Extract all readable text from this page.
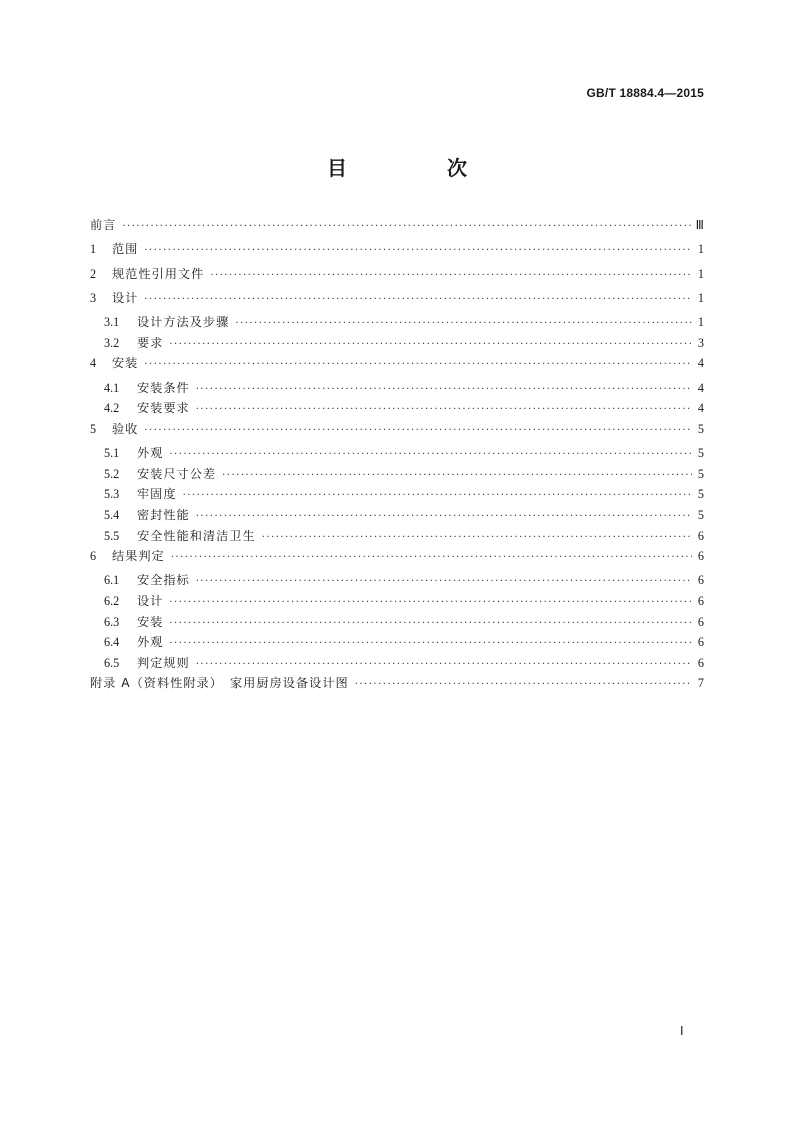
GB/T 18884.4—2015
目　次
前言 ·····	Ⅲ
1	范围 ·····	1
2	规范性引用文件 ·····	1
3	设计 ·····	1
3.1	设计方法及步骤 ·····	1
3.2	要求 ·····	3
4	安装 ·····	4
4.1	安装条件 ·····	4
4.2	安装要求 ·····	4
5	验收 ·····	5
5.1	外观 ·····	5
5.2	安装尺寸公差 ·····	5
5.3	牢固度 ·····	5
5.4	密封性能 ·····	5
5.5	安全性能和清洁卫生 ·····	6
6	结果判定 ·····	6
6.1	安全指标 ·····	6
6.2	设计 ·····	6
6.3	安装 ·····	6
6.4	外观 ·····	6
6.5	判定规则 ·····	6
附录 A（资料性附录）　家用厨房设备设计图 ·····	7
Ⅰ
